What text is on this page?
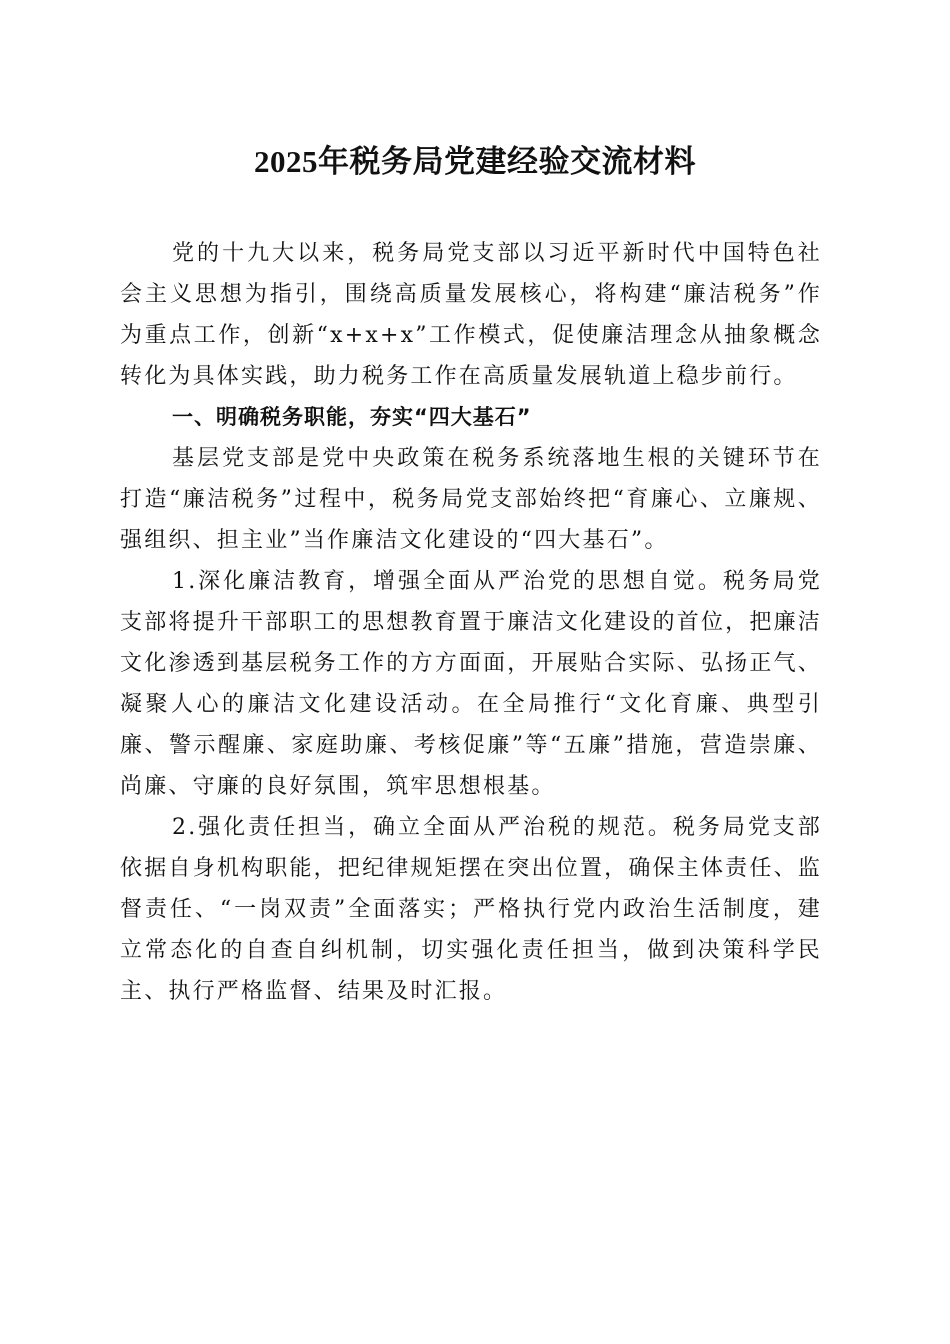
2025年税务局党建经验交流材料

党的十九大以来，税务局党支部以习近平新时代中国特色社会主义思想为指引，围绕高质量发展核心，将构建“廉洁税务”作为重点工作，创新“x+x+x”工作模式，促使廉洁理念从抽象概念转化为具体实践，助力税务工作在高质量发展轨道上稳步前行。

一、明确税务职能，夯实“四大基石”

基层党支部是党中央政策在税务系统落地生根的关键环节在打造“廉洁税务”过程中，税务局党支部始终把“育廉心、立廉规、强组织、担主业”当作廉洁文化建设的“四大基石”。

1.深化廉洁教育，增强全面从严治党的思想自觉。税务局党支部将提升干部职工的思想教育置于廉洁文化建设的首位，把廉洁文化渗透到基层税务工作的方方面面，开展贴合实际、弘扬正气、凝聚人心的廉洁文化建设活动。在全局推行“文化育廉、典型引廉、警示醒廉、家庭助廉、考核促廉”等“五廉”措施，营造崇廉、尚廉、守廉的良好氛围，筑牢思想根基。

2.强化责任担当，确立全面从严治税的规范。税务局党支部依据自身机构职能，把纪律规矩摆在突出位置，确保主体责任、监督责任、“一岗双责”全面落实；严格执行党内政治生活制度，建立常态化的自查自纠机制，切实强化责任担当，做到决策科学民主、执行严格监督、结果及时汇报。
